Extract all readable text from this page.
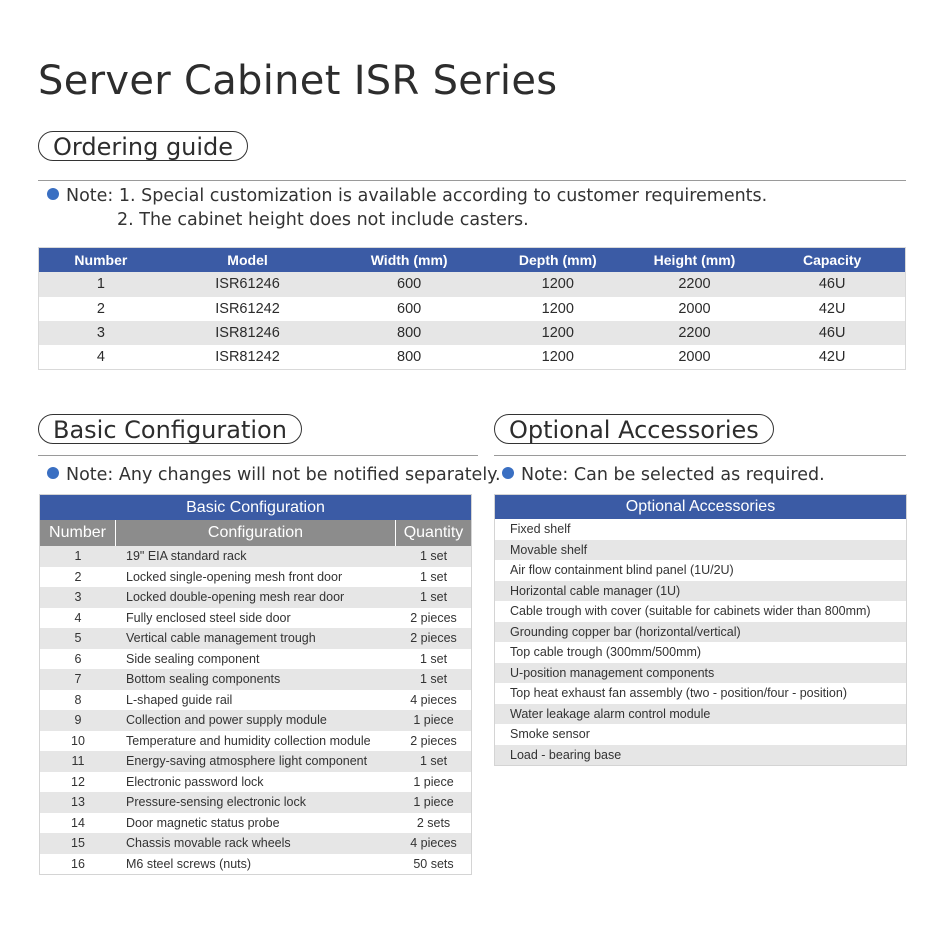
Server Cabinet ISR Series
Ordering guide
Note: 1. Special customization is available according to customer requirements.
2. The cabinet height does not include casters.
Number	Model	Width (mm)	Depth (mm)	Height (mm)	Capacity
1	ISR61246	600	1200	2200	46U
2	ISR61242	600	1200	2000	42U
3	ISR81246	800	1200	2200	46U
4	ISR81242	800	1200	2000	42U
Basic Configuration
Note: Any changes will not be notified separately.
Basic Configuration
Number	Configuration	Quantity
1	19" EIA standard rack	1 set
2	Locked single-opening mesh front door	1 set
3	Locked double-opening mesh rear door	1 set
4	Fully enclosed steel side door	2 pieces
5	Vertical cable management trough	2 pieces
6	Side sealing component	1 set
7	Bottom sealing components	1 set
8	L-shaped guide rail	4 pieces
9	Collection and power supply module	1 piece
10	Temperature and humidity collection module	2 pieces
11	Energy-saving atmosphere light component	1 set
12	Electronic password lock	1 piece
13	Pressure-sensing electronic lock	1 piece
14	Door magnetic status probe	2 sets
15	Chassis movable rack wheels	4 pieces
16	M6 steel screws (nuts)	50 sets
Optional Accessories
Note: Can be selected as required.
Optional Accessories
Fixed shelf
Movable shelf
Air flow containment blind panel (1U/2U)
Horizontal cable manager (1U)
Cable trough with cover (suitable for cabinets wider than 800mm)
Grounding copper bar (horizontal/vertical)
Top cable trough (300mm/500mm)
U-position management components
Top heat exhaust fan assembly (two - position/four - position)
Water leakage alarm control module
Smoke sensor
Load - bearing base
